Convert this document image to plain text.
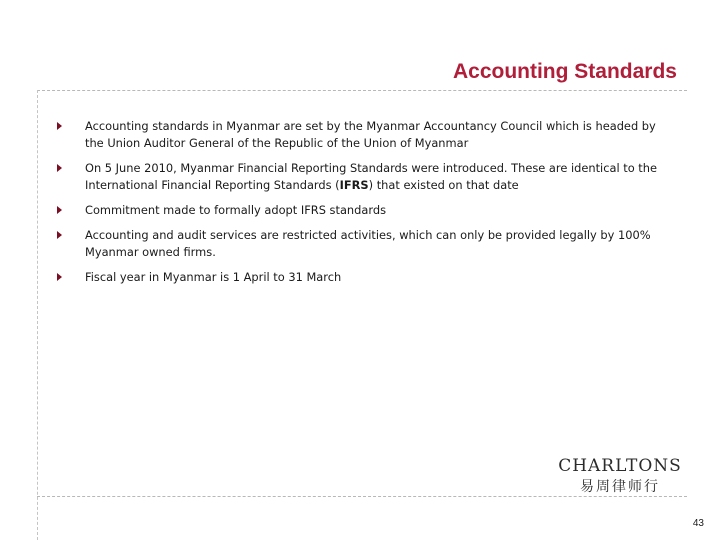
Accounting Standards
Accounting standards in Myanmar are set by the Myanmar Accountancy Council which is headed by the Union Auditor General of the Republic of the Union of Myanmar
On 5 June 2010, Myanmar Financial Reporting Standards were introduced. These are identical to the International Financial Reporting Standards (IFRS) that existed on that date
Commitment made to formally adopt IFRS standards
Accounting and audit services are restricted activities, which can only be provided legally by 100% Myanmar owned firms.
Fiscal year in Myanmar is 1 April to 31 March
CHARLTONS
易周律师行
43
